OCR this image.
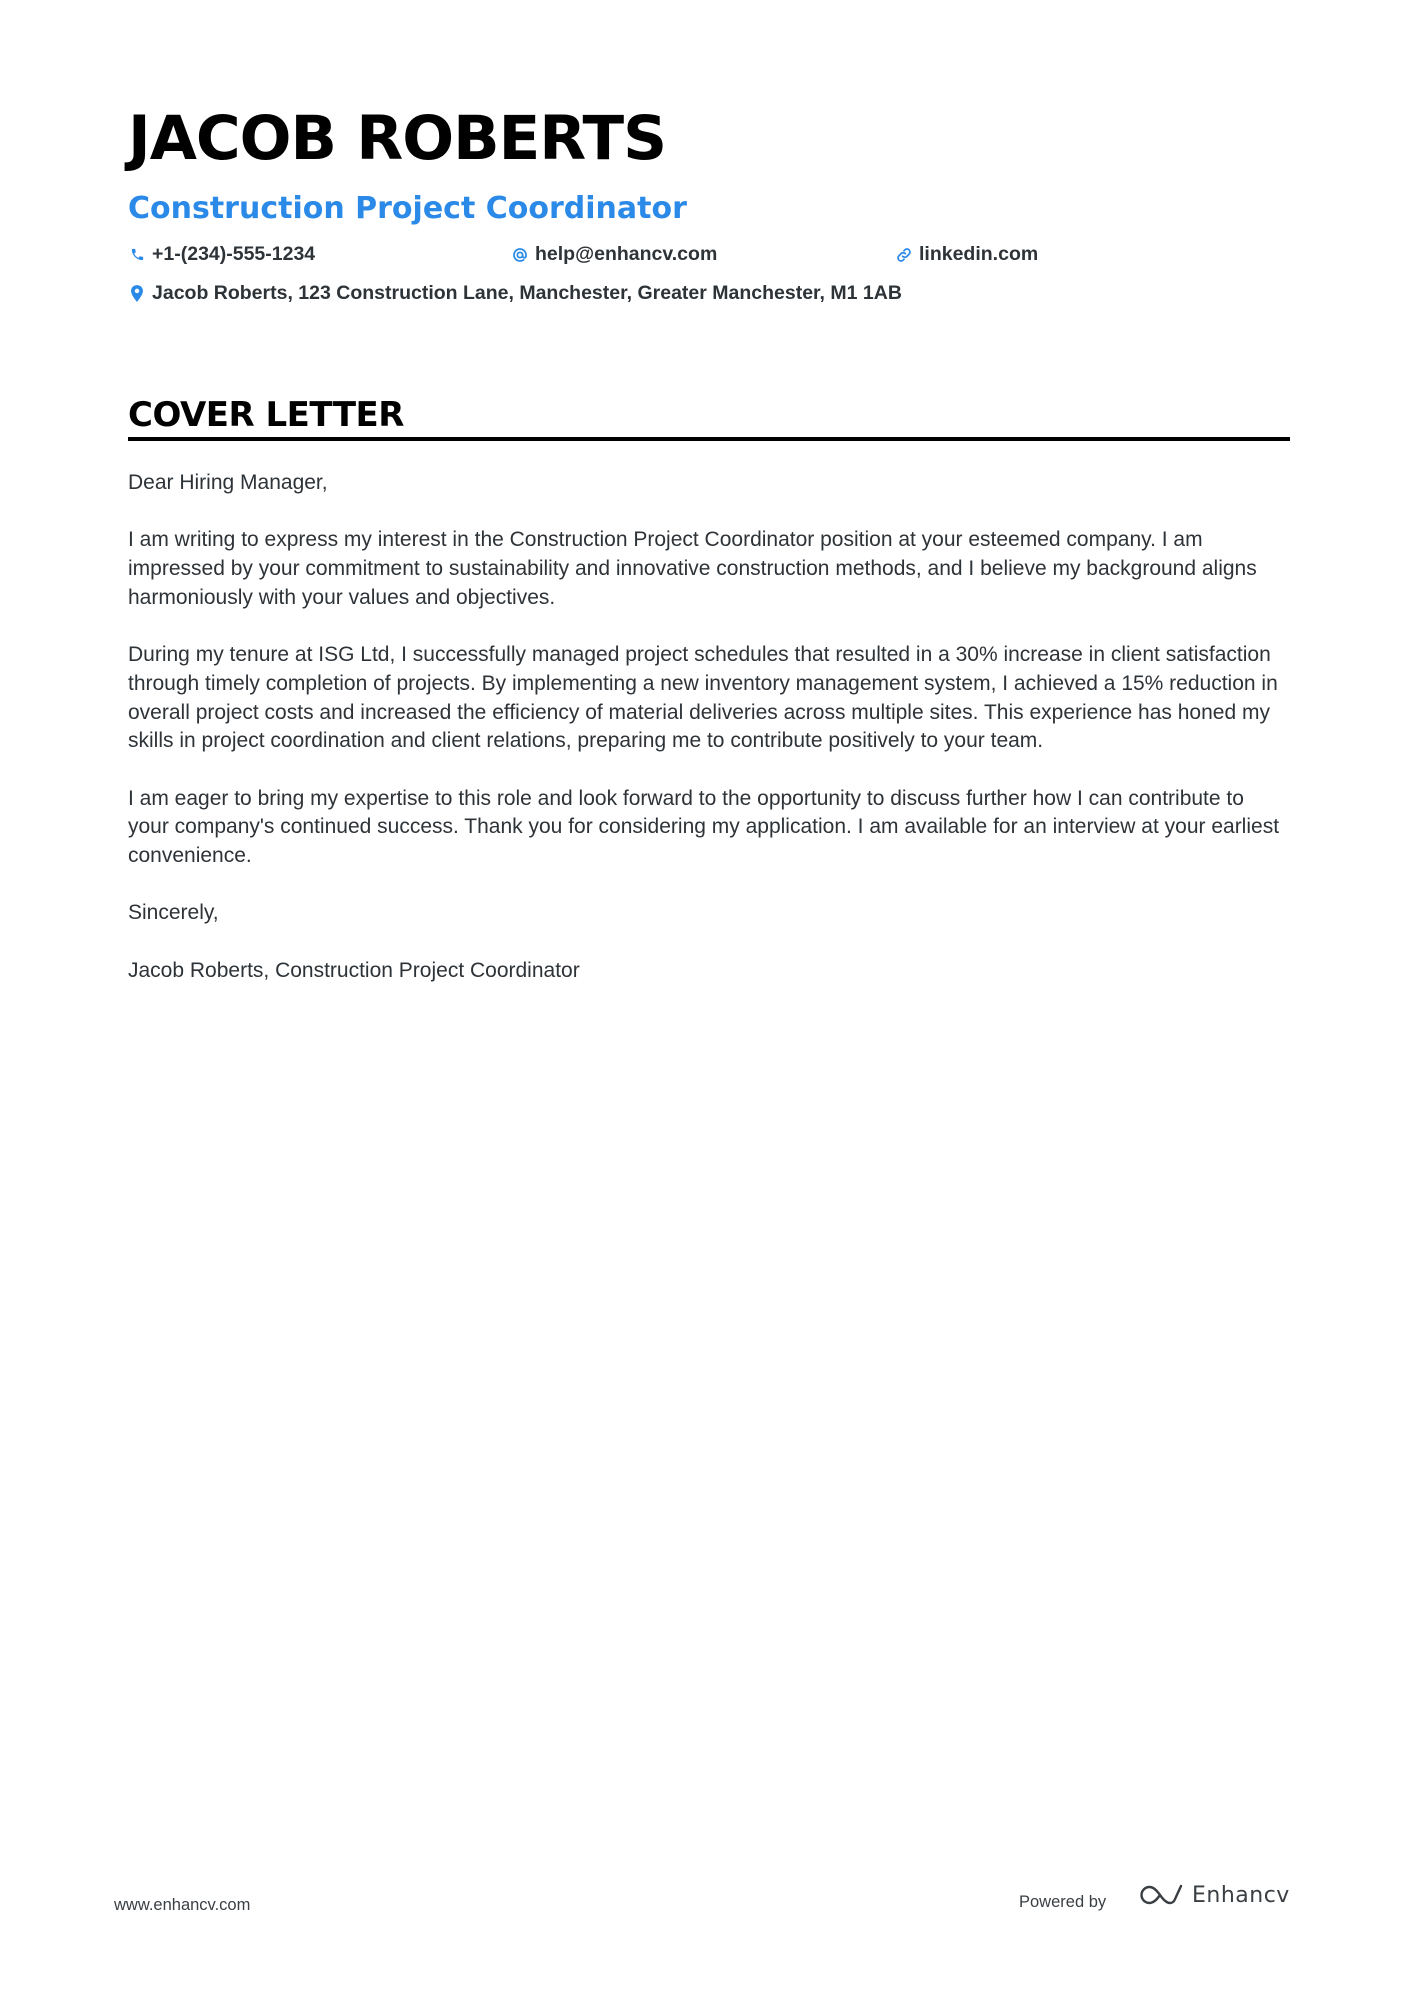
JACOB ROBERTS
Construction Project Coordinator
+1-(234)-555-1234	help@enhancv.com	linkedin.com
Jacob Roberts, 123 Construction Lane, Manchester, Greater Manchester, M1 1AB
COVER LETTER

Dear Hiring Manager,

I am writing to express my interest in the Construction Project Coordinator position at your esteemed company. I am impressed by your commitment to sustainability and innovative construction methods, and I believe my background aligns harmoniously with your values and objectives.

During my tenure at ISG Ltd, I successfully managed project schedules that resulted in a 30% increase in client satisfaction through timely completion of projects. By implementing a new inventory management system, I achieved a 15% reduction in overall project costs and increased the efficiency of material deliveries across multiple sites. This experience has honed my skills in project coordination and client relations, preparing me to contribute positively to your team.

I am eager to bring my expertise to this role and look forward to the opportunity to discuss further how I can contribute to your company's continued success. Thank you for considering my application. I am available for an interview at your earliest convenience.

Sincerely,

Jacob Roberts, Construction Project Coordinator

www.enhancv.com	Powered by	Enhancv
